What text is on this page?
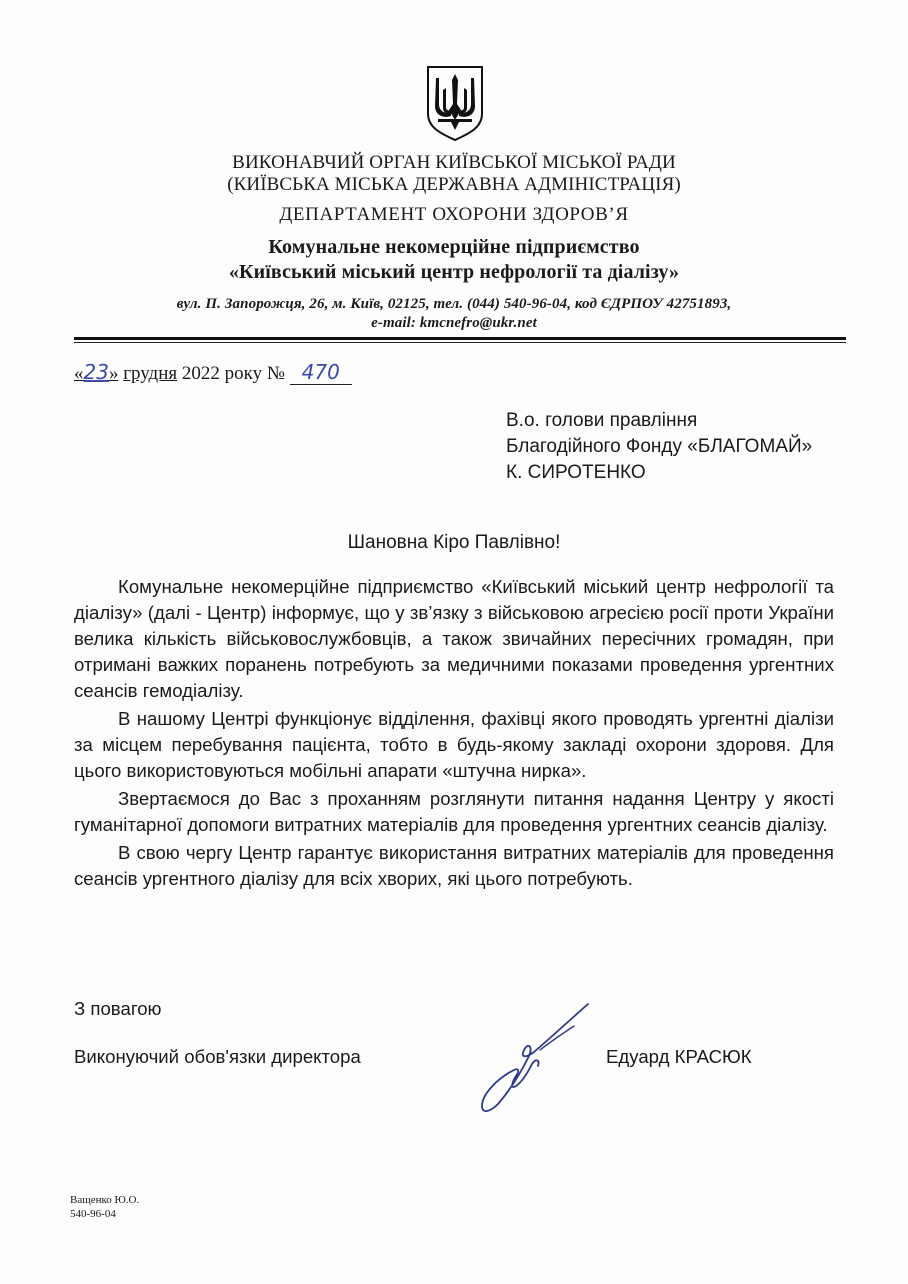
ВИКОНАВЧИЙ ОРГАН КИЇВСЬКОЇ МІСЬКОЇ РАДИ
(КИЇВСЬКА МІСЬКА ДЕРЖАВНА АДМІНІСТРАЦІЯ)
ДЕПАРТАМЕНТ ОХОРОНИ ЗДОРОВ’Я
Комунальне некомерційне підприємство
«Київський міський центр нефрології та діалізу»
вул. П. Запорожця, 26, м. Київ, 02125, тел. (044) 540-96-04, код ЄДРПОУ 42751893,
e-mail: kmcnefro@ukr.net
«23» грудня 2022 року № 470
В.о. голови правління
Благодійного Фонду «БЛАГОМАЙ»
К. СИРОТЕНКО
Шановна Кіро Павлівно!

Комунальне некомерційне підприємство «Київський міський центр нефрології та діалізу» (далі - Центр) інформує, що у зв’язку з військовою агресією росії проти України велика кількість військовослужбовців, а також звичайних пересічних громадян, при отримані важких поранень потребують за медичними показами проведення ургентних сеансів гемодіалізу.

В нашому Центрі функціонує відділення, фахівці якого проводять ургентні діалізи за місцем перебування пацієнта, тобто в будь-якому закладі охорони здоровя. Для цього використовуються мобільні апарати «штучна нирка».

Звертаємося до Вас з проханням розглянути питання надання Центру у якості гуманітарної допомоги витратних матеріалів для проведення ургентних сеансів діалізу.

В свою чергу Центр гарантує використання витратних матеріалів для проведення сеансів ургентного діалізу для всіх хворих, які цього потребують.

З повагою
Виконуючий обов'язки директора	Едуард КРАСЮК
Ващенко Ю.О.
540-96-04
